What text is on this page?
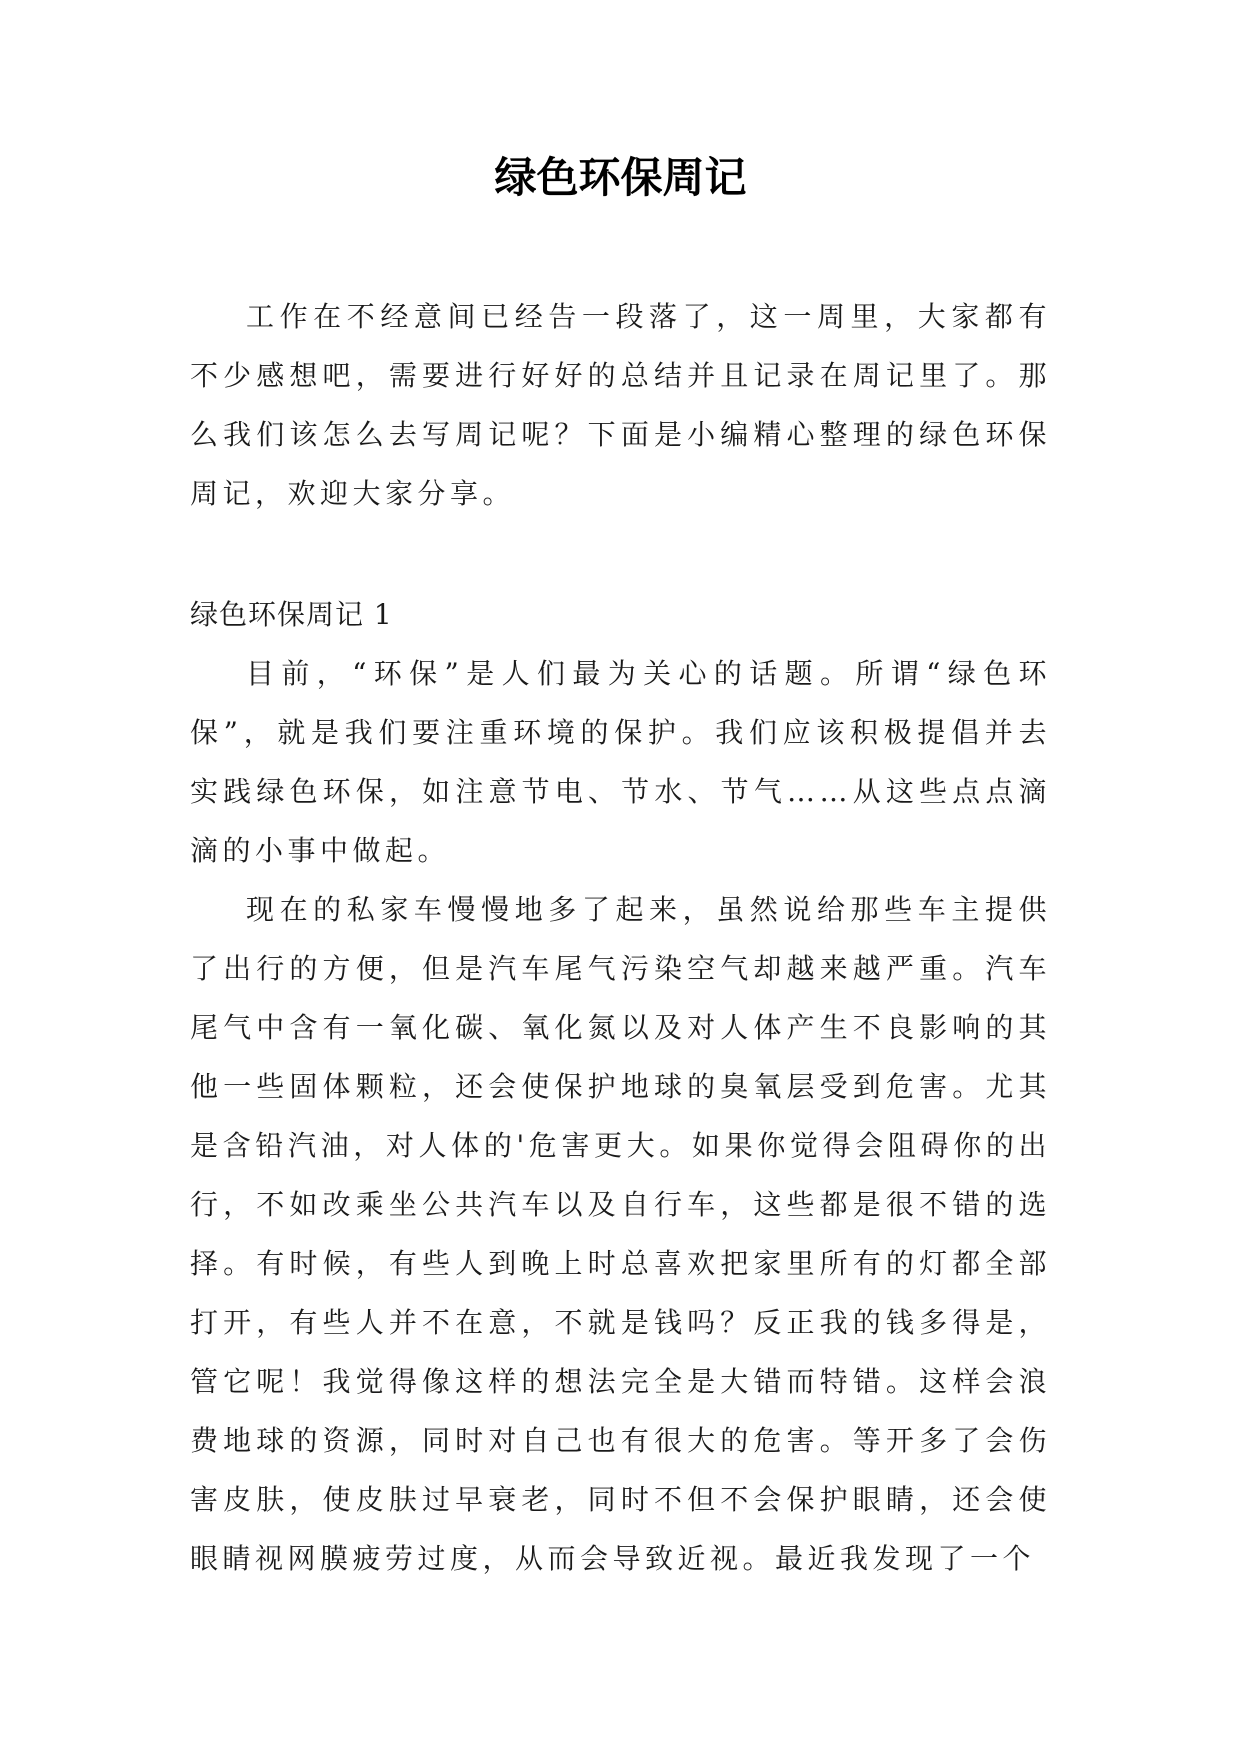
绿色环保周记

工作在不经意间已经告一段落了，这一周里，大家都有不少感想吧，需要进行好好的总结并且记录在周记里了。那么我们该怎么去写周记呢？下面是小编精心整理的绿色环保周记，欢迎大家分享。

绿色环保周记 1

目前，“环保”是人们最为关心的话题。所谓“绿色环保”，就是我们要注重环境的保护。我们应该积极提倡并去实践绿色环保，如注意节电、节水、节气……从这些点点滴滴的小事中做起。

现在的私家车慢慢地多了起来，虽然说给那些车主提供了出行的方便，但是汽车尾气污染空气却越来越严重。汽车尾气中含有一氧化碳、氧化氮以及对人体产生不良影响的其他一些固体颗粒，还会使保护地球的臭氧层受到危害。尤其是含铅汽油，对人体的'危害更大。如果你觉得会阻碍你的出行，不如改乘坐公共汽车以及自行车，这些都是很不错的选择。有时候，有些人到晚上时总喜欢把家里所有的灯都全部打开，有些人并不在意，不就是钱吗？反正我的钱多得是，管它呢！我觉得像这样的想法完全是大错而特错。这样会浪费地球的资源，同时对自己也有很大的危害。等开多了会伤害皮肤，使皮肤过早衰老，同时不但不会保护眼睛，还会使眼睛视网膜疲劳过度，从而会导致近视。最近我发现了一个
